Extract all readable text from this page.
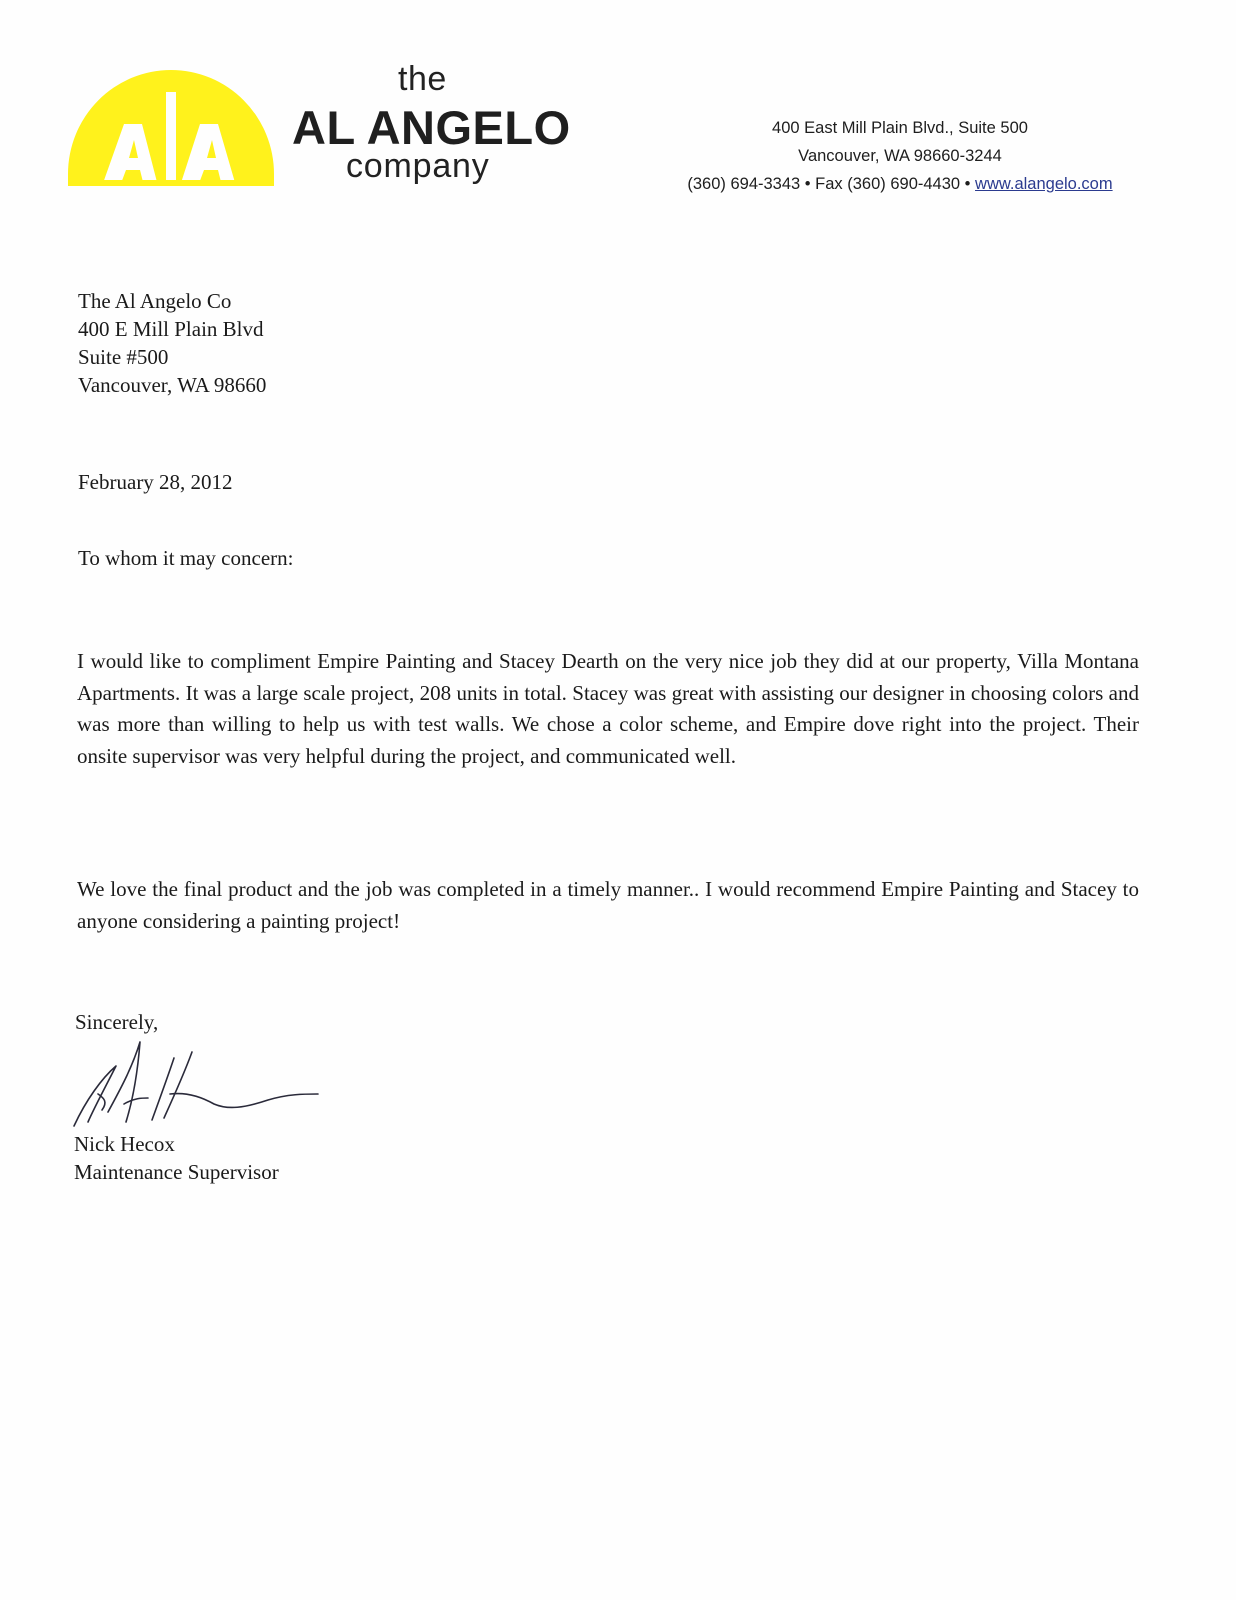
the
AL ANGELO
company
400 East Mill Plain Blvd., Suite 500
Vancouver, WA 98660-3244
(360) 694-3343 • Fax (360) 690-4430 • www.alangelo.com
The Al Angelo Co
400 E Mill Plain Blvd
Suite #500
Vancouver, WA 98660
February 28, 2012
To whom it may concern:

I would like to compliment Empire Painting and Stacey Dearth on the very nice job they did at our property, Villa Montana Apartments. It was a large scale project, 208 units in total. Stacey was great with assisting our designer in choosing colors and was more than willing to help us with test walls. We chose a color scheme, and Empire dove right into the project. Their onsite supervisor was very helpful during the project, and communicated well.

We love the final product and the job was completed in a timely manner.. I would recommend Empire Painting and Stacey to anyone considering a painting project!

Sincerely,
Nick Hecox
Maintenance Supervisor
